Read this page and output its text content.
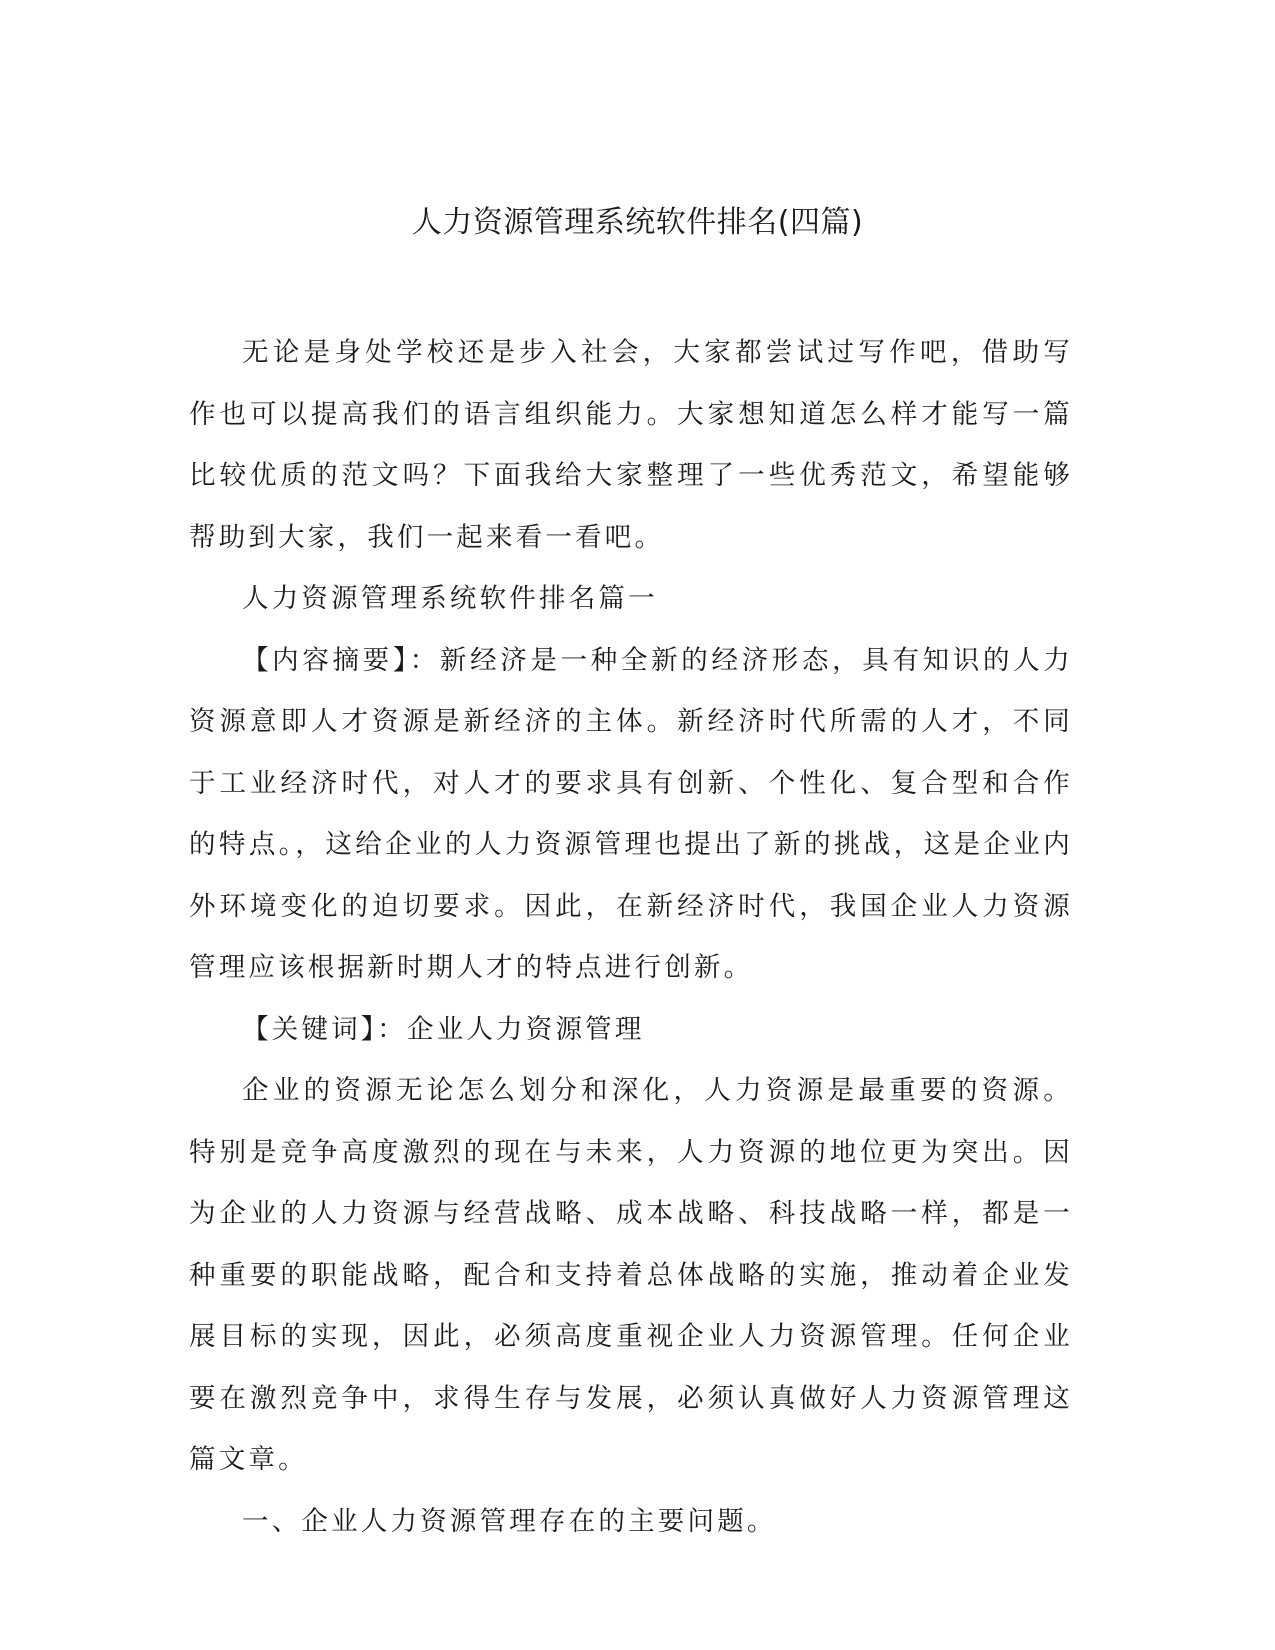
人力资源管理系统软件排名(四篇)

无论是身处学校还是步入社会，大家都尝试过写作吧，借助写作也可以提高我们的语言组织能力。大家想知道怎么样才能写一篇比较优质的范文吗？下面我给大家整理了一些优秀范文，希望能够帮助到大家，我们一起来看一看吧。

人力资源管理系统软件排名篇一

【内容摘要】：新经济是一种全新的经济形态，具有知识的人力资源意即人才资源是新经济的主体。新经济时代所需的人才，不同于工业经济时代，对人才的要求具有创新、个性化、复合型和合作的特点。，这给企业的人力资源管理也提出了新的挑战，这是企业内外环境变化的迫切要求。因此，在新经济时代，我国企业人力资源管理应该根据新时期人才的特点进行创新。

【关键词】：企业人力资源管理

企业的资源无论怎么划分和深化，人力资源是最重要的资源。特别是竞争高度激烈的现在与未来，人力资源的地位更为突出。因为企业的人力资源与经营战略、成本战略、科技战略一样，都是一种重要的职能战略，配合和支持着总体战略的实施，推动着企业发展目标的实现，因此，必须高度重视企业人力资源管理。任何企业要在激烈竞争中，求得生存与发展，必须认真做好人力资源管理这篇文章。

一、企业人力资源管理存在的主要问题。
